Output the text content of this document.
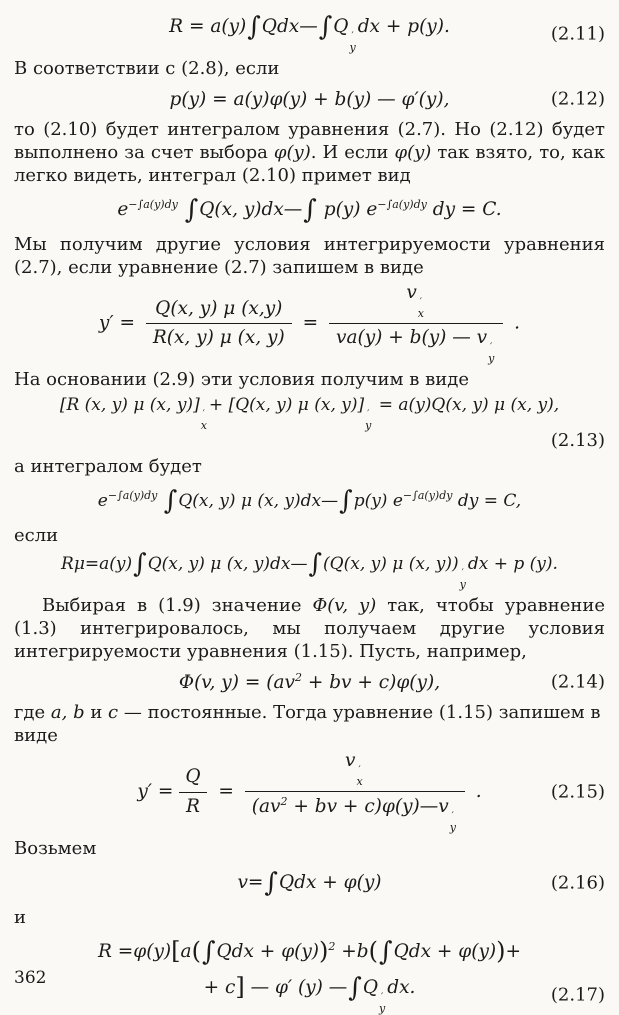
R = a(y)∫Qdx—∫Q ′
y
dx + p(y).	(2.11)

В соответствии с (2.8), если

p(y) = a(y)φ(y) + b(y) — φ′(y),	(2.12)

то (2.10) будет интегралом уравнения (2.7). Но (2.12) будет выполнено за счет выбора φ(y). И если φ(y) так взято, то, как легко видеть, интеграл (2.10) примет вид

$e^{-\int a(y)dy}$ ∫Q(x, y)dx—∫ p(y) $e^{-\int a(y)dy}$ dy = C.

Мы получим другие условия интегрируемости уравнения (2.7), если уравнение (2.7) запишем в виде

$y' = \frac{Q(x, y) \mu (x,y)}{R(x, y) \mu (x, y)} = v$ ′
x
va(y) + b(y) — v ′
y .

На основании (2.9) эти условия получим в виде

[R (x, y) μ (x, y)] ′
x
+ [Q(x, y) μ (x, y)] ′
y
= a(y)Q(x, y) μ (x, y),
(2.13)

а интегралом будет

$e^{-\int a(y)dy}$ ∫Q(x, y) μ (x, y)dx—∫p(y) $e^{-\int a(y)dy}$ dy = C,

если

Rμ=a(y)∫Q(x, y) μ (x, y)dx—∫(Q(x, y) μ (x, y)) ′
y
dx + p (y).

Выбирая в (1.9) значение Φ(v, y) так, чтобы уравнение (1.3) интегрировалось, мы получаем другие условия интегрируемости уравнения (1.15). Пусть, например,

Φ(v, $y) = (av^2$ + bv + c)φ(y),	(2.14)

где a, b и c — постоянные. Тогда уравнение (1.15) запишем в виде

$y' = \frac{Q}{R} = v$ ′
x
($av^2$ + bv + c)φ(y)—v ′
y .	(2.15)

Возьмем

v=∫Qdx + φ(y)	(2.16)

и

$R =\varphi(y)[a(\int Qdx + \varphi(y))^2 +b(\int Qdx + \varphi(y))+$
+ c] — φ′ (y) —∫Q ′
y
dx.	(2.17)
362
